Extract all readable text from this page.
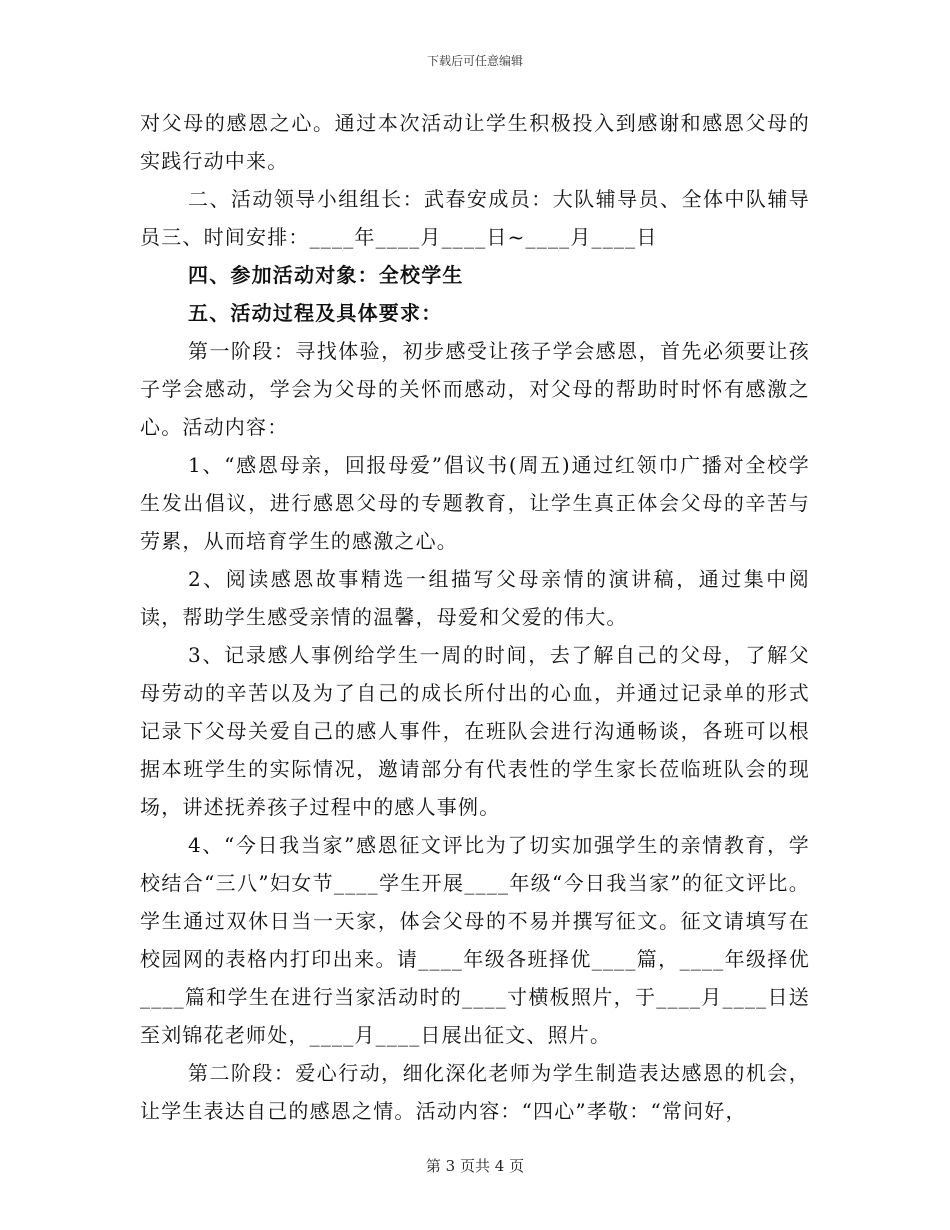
下载后可任意编辑

对父母的感恩之心。通过本次活动让学生积极投入到感谢和感恩父母的实践行动中来。

二、活动领导小组组长：武春安成员：大队辅导员、全体中队辅导员三、时间安排：____年____月____日~____月____日

四、参加活动对象：全校学生

五、活动过程及具体要求：

第一阶段：寻找体验，初步感受让孩子学会感恩，首先必须要让孩子学会感动，学会为父母的关怀而感动，对父母的帮助时时怀有感激之心。活动内容：

1、“感恩母亲，回报母爱”倡议书(周五)通过红领巾广播对全校学生发出倡议，进行感恩父母的专题教育，让学生真正体会父母的辛苦与劳累，从而培育学生的感激之心。

2、阅读感恩故事精选一组描写父母亲情的演讲稿，通过集中阅读，帮助学生感受亲情的温馨，母爱和父爱的伟大。

3、记录感人事例给学生一周的时间，去了解自己的父母，了解父母劳动的辛苦以及为了自己的成长所付出的心血，并通过记录单的形式记录下父母关爱自己的感人事件，在班队会进行沟通畅谈，各班可以根据本班学生的实际情况，邀请部分有代表性的学生家长莅临班队会的现场，讲述抚养孩子过程中的感人事例。

4、“今日我当家”感恩征文评比为了切实加强学生的亲情教育，学校结合“三八”妇女节____学生开展____年级“今日我当家”的征文评比。学生通过双休日当一天家，体会父母的不易并撰写征文。征文请填写在校园网的表格内打印出来。请____年级各班择优____篇，____年级择优____篇和学生在进行当家活动时的____寸横板照片，于____月____日送至刘锦花老师处，____月____日展出征文、照片。

第二阶段：爱心行动，细化深化老师为学生制造表达感恩的机会，让学生表达自己的感恩之情。活动内容：“四心”孝敬：“常问好，

第 3 页共 4 页
